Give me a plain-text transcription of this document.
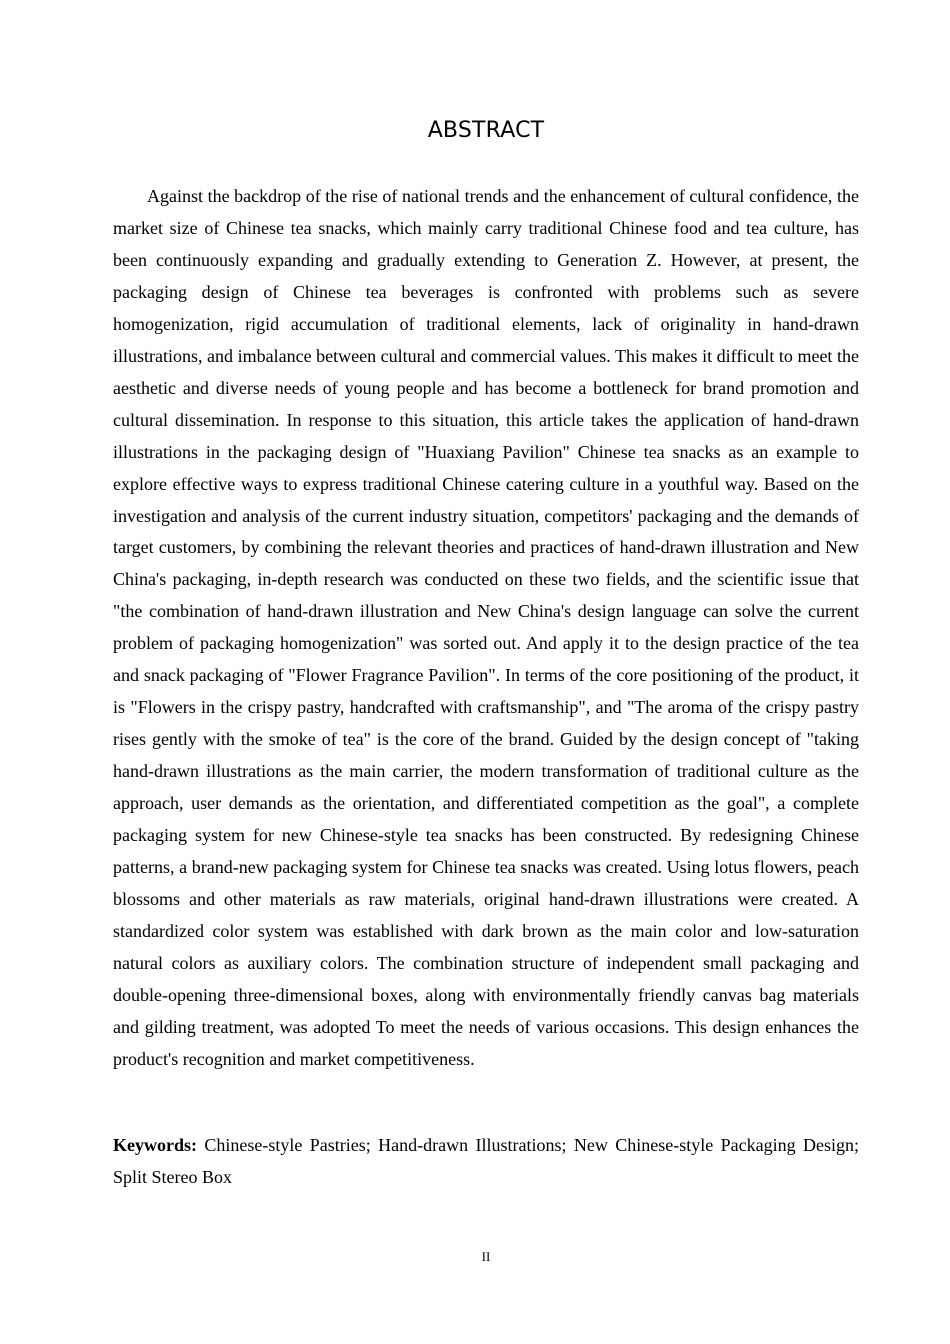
ABSTRACT

Against the backdrop of the rise of national trends and the enhancement of cultural confidence, the market size of Chinese tea snacks, which mainly carry traditional Chinese food and tea culture, has been continuously expanding and gradually extending to Generation Z. However, at present, the packaging design of Chinese tea beverages is confronted with problems such as severe homogenization, rigid accumulation of traditional elements, lack of originality in hand-drawn illustrations, and imbalance between cultural and commercial values. This makes it difficult to meet the aesthetic and diverse needs of young people and has become a bottleneck for brand promotion and cultural dissemination. In response to this situation, this article takes the application of hand-drawn illustrations in the packaging design of "Huaxiang Pavilion" Chinese tea snacks as an example to explore effective ways to express traditional Chinese catering culture in a youthful way. Based on the investigation and analysis of the current industry situation, competitors' packaging and the demands of target customers, by combining the relevant theories and practices of hand-drawn illustration and New China's packaging, in-depth research was conducted on these two fields, and the scientific issue that "the combination of hand-drawn illustration and New China's design language can solve the current problem of packaging homogenization" was sorted out. And apply it to the design practice of the tea and snack packaging of "Flower Fragrance Pavilion". In terms of the core positioning of the product, it is "Flowers in the crispy pastry, handcrafted with craftsmanship", and "The aroma of the crispy pastry rises gently with the smoke of tea" is the core of the brand. Guided by the design concept of "taking hand-drawn illustrations as the main carrier, the modern transformation of traditional culture as the approach, user demands as the orientation, and differentiated competition as the goal", a complete packaging system for new Chinese-style tea snacks has been constructed. By redesigning Chinese patterns, a brand-new packaging system for Chinese tea snacks was created. Using lotus flowers, peach blossoms and other materials as raw materials, original hand-drawn illustrations were created. A standardized color system was established with dark brown as the main color and low-saturation natural colors as auxiliary colors. The combination structure of independent small packaging and double-opening three-dimensional boxes, along with environmentally friendly canvas bag materials and gilding treatment, was adopted To meet the needs of various occasions. This design enhances the product's recognition and market competitiveness.

Keywords: Chinese-style Pastries; Hand-drawn Illustrations; New Chinese-style Packaging Design; Split Stereo Box

II
